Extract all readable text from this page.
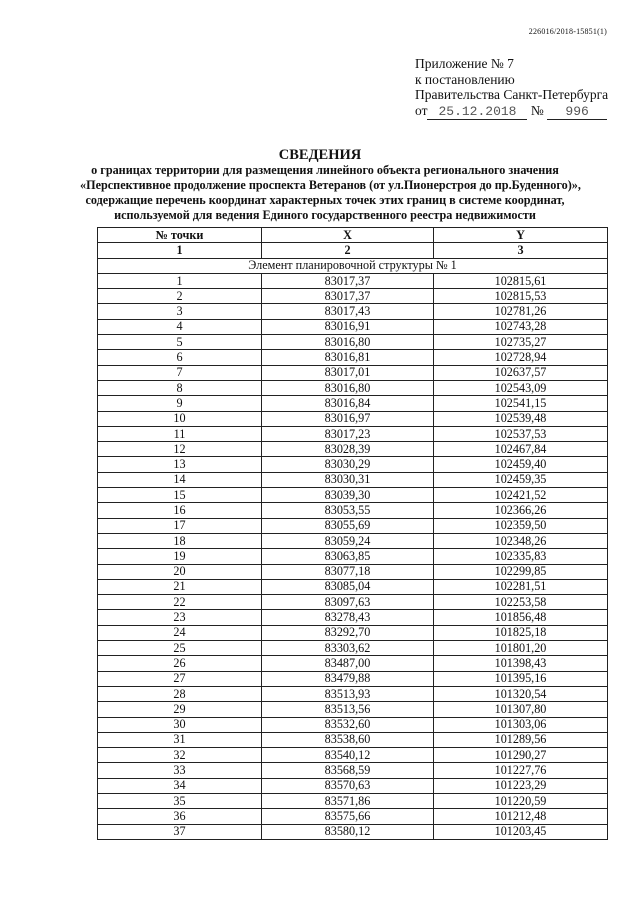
226016/2018-15851(1)
Приложение № 7
к постановлению
Правительства Санкт-Петербурга
от 25.12.2018 № 996
СВЕДЕНИЯ
о границах территории для размещения линейного объекта регионального значения
«Перспективное продолжение проспекта Ветеранов (от ул.Пионерстроя до пр.Буденного)»,
содержащие перечень координат характерных точек этих границ в системе координат,
используемой для ведения Единого государственного реестра недвижимости
№ точки	X	Y
1	2	3
Элемент планировочной структуры № 1		
1	83017,37	102815,61
2	83017,37	102815,53
3	83017,43	102781,26
4	83016,91	102743,28
5	83016,80	102735,27
6	83016,81	102728,94
7	83017,01	102637,57
8	83016,80	102543,09
9	83016,84	102541,15
10	83016,97	102539,48
11	83017,23	102537,53
12	83028,39	102467,84
13	83030,29	102459,40
14	83030,31	102459,35
15	83039,30	102421,52
16	83053,55	102366,26
17	83055,69	102359,50
18	83059,24	102348,26
19	83063,85	102335,83
20	83077,18	102299,85
21	83085,04	102281,51
22	83097,63	102253,58
23	83278,43	101856,48
24	83292,70	101825,18
25	83303,62	101801,20
26	83487,00	101398,43
27	83479,88	101395,16
28	83513,93	101320,54
29	83513,56	101307,80
30	83532,60	101303,06
31	83538,60	101289,56
32	83540,12	101290,27
33	83568,59	101227,76
34	83570,63	101223,29
35	83571,86	101220,59
36	83575,66	101212,48
37	83580,12	101203,45
